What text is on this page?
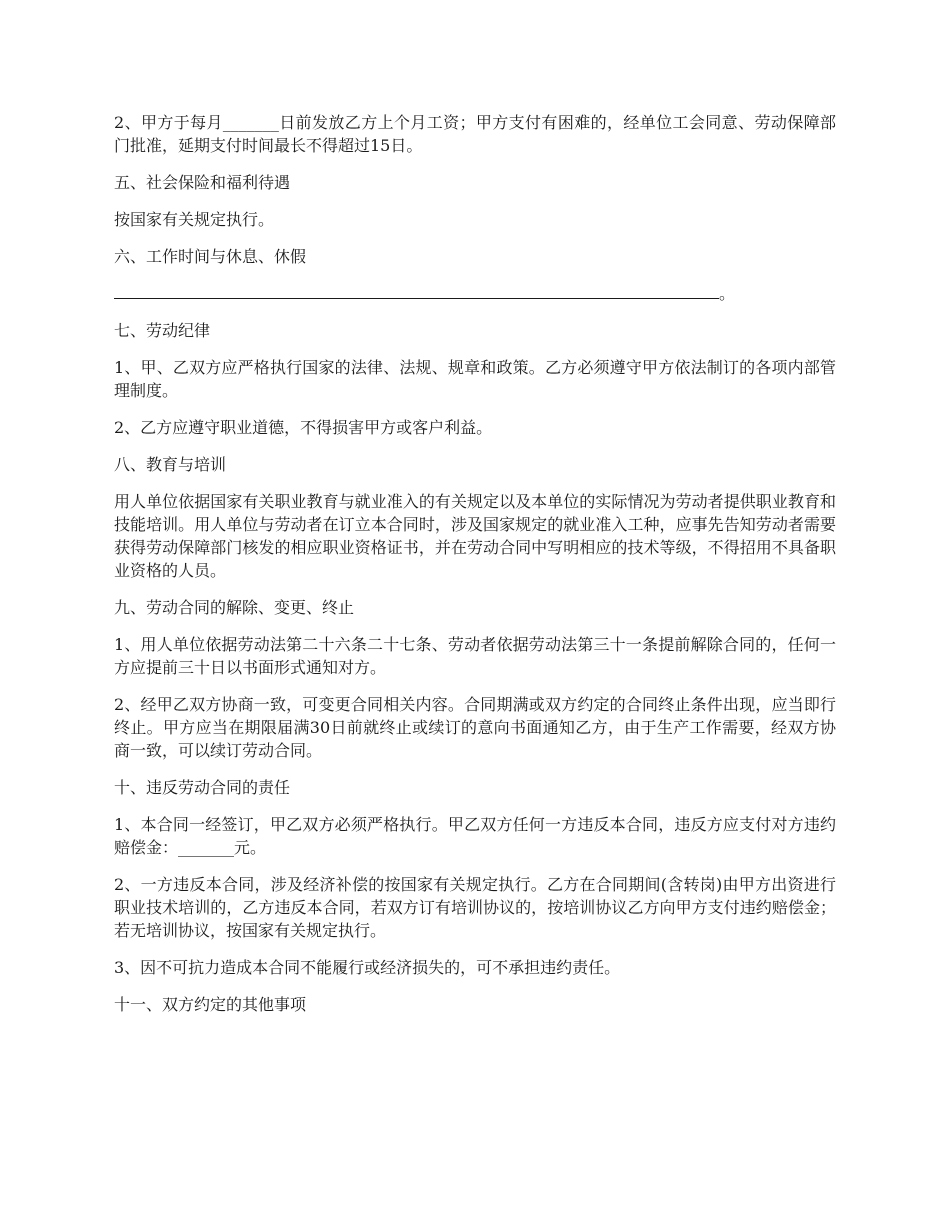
2、甲方于每月_______日前发放乙方上个月工资；甲方支付有困难的，经单位工会同意、劳动保障部门批准，延期支付时间最长不得超过15日。

五、社会保险和福利待遇

按国家有关规定执行。

六、工作时间与休息、休假

。

七、劳动纪律

1、甲、乙双方应严格执行国家的法律、法规、规章和政策。乙方必须遵守甲方依法制订的各项内部管理制度。

2、乙方应遵守职业道德，不得损害甲方或客户利益。

八、教育与培训

用人单位依据国家有关职业教育与就业准入的有关规定以及本单位的实际情况为劳动者提供职业教育和技能培训。用人单位与劳动者在订立本合同时，涉及国家规定的就业准入工种，应事先告知劳动者需要获得劳动保障部门核发的相应职业资格证书，并在劳动合同中写明相应的技术等级，不得招用不具备职业资格的人员。

九、劳动合同的解除、变更、终止

1、用人单位依据劳动法第二十六条二十七条、劳动者依据劳动法第三十一条提前解除合同的，任何一方应提前三十日以书面形式通知对方。

2、经甲乙双方协商一致，可变更合同相关内容。合同期满或双方约定的合同终止条件出现，应当即行终止。甲方应当在期限届满30日前就终止或续订的意向书面通知乙方，由于生产工作需要，经双方协商一致，可以续订劳动合同。

十、违反劳动合同的责任

1、本合同一经签订，甲乙双方必须严格执行。甲乙双方任何一方违反本合同，违反方应支付对方违约赔偿金：_______元。

2、一方违反本合同，涉及经济补偿的按国家有关规定执行。乙方在合同期间(含转岗)由甲方出资进行职业技术培训的，乙方违反本合同，若双方订有培训协议的，按培训协议乙方向甲方支付违约赔偿金；若无培训协议，按国家有关规定执行。

3、因不可抗力造成本合同不能履行或经济损失的，可不承担违约责任。

十一、双方约定的其他事项
